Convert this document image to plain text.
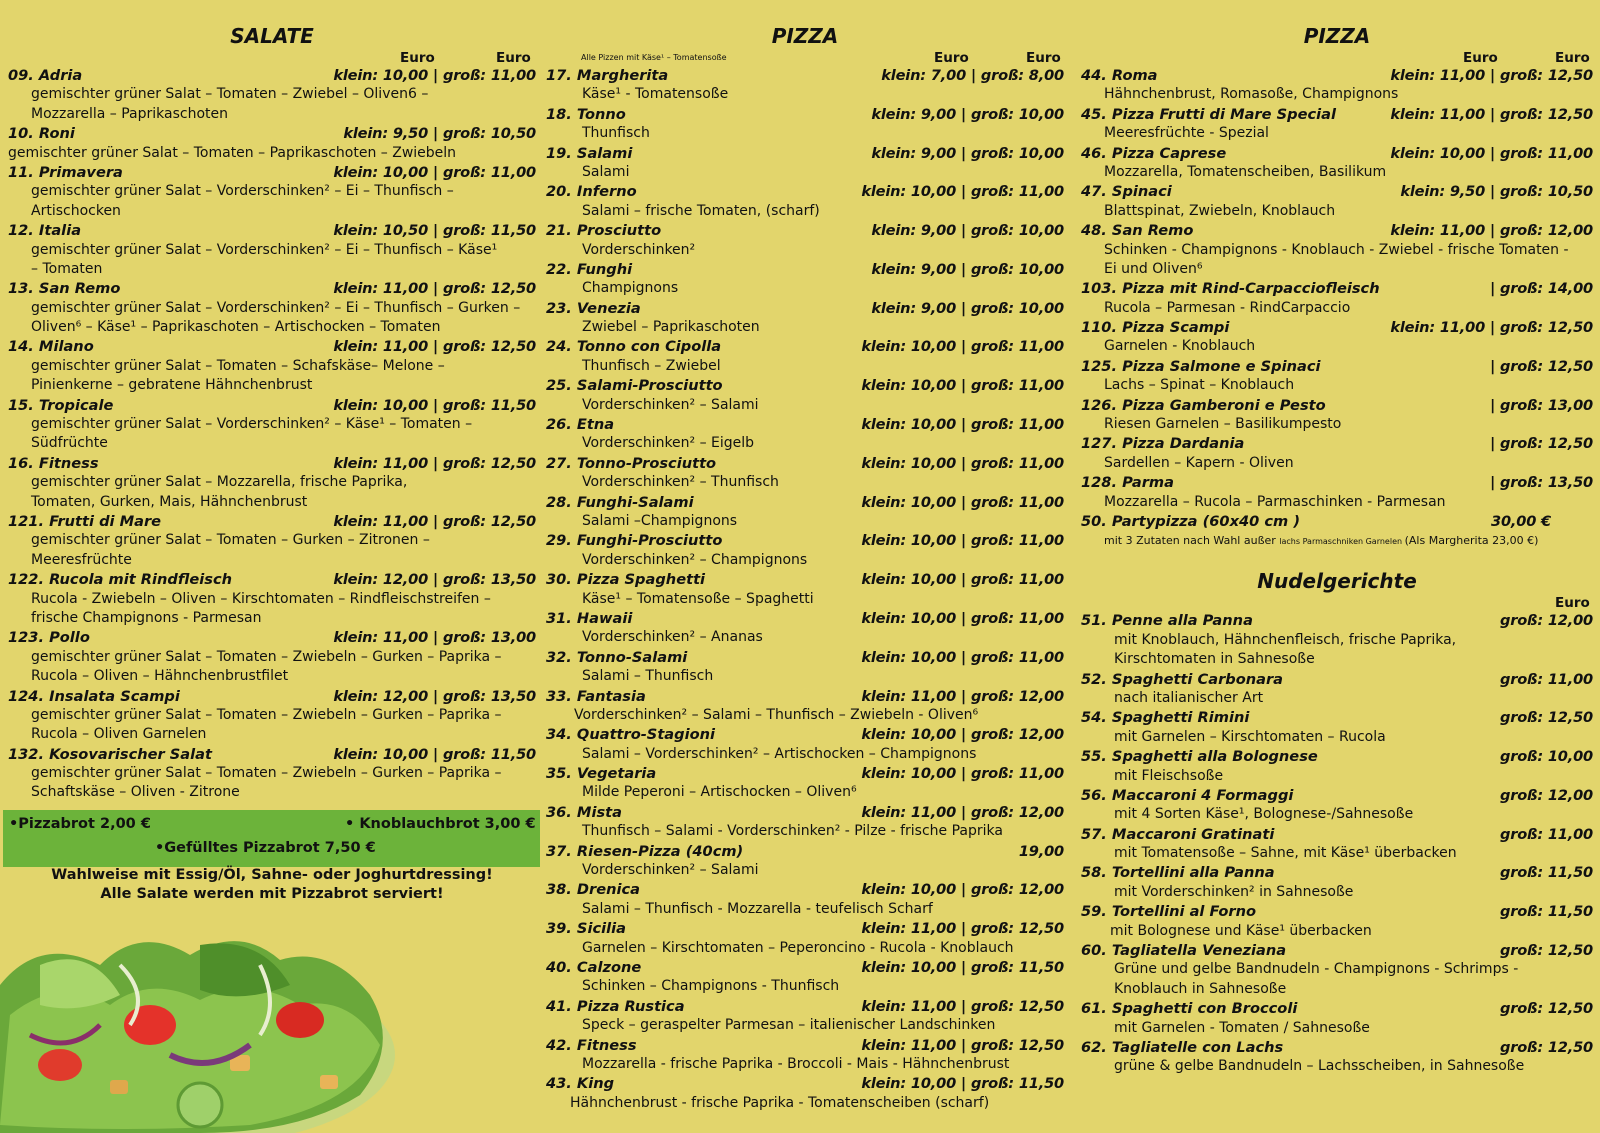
SALATE
Euro	Euro
09. Adria	klein: 10,00 | groß: 11,00
gemischter grüner Salat – Tomaten – Zwiebel – Oliven6 –
Mozzarella – Paprikaschoten
10. Roni	klein: 9,50 | groß: 10,50
gemischter grüner Salat – Tomaten – Paprikaschoten – Zwiebeln
11. Primavera	klein: 10,00 | groß: 11,00
gemischter grüner Salat – Vorderschinken² – Ei – Thunfisch –
Artischocken
12. Italia	klein: 10,50 | groß: 11,50
gemischter grüner Salat – Vorderschinken² – Ei – Thunfisch – Käse¹
– Tomaten
13. San Remo	klein: 11,00 | groß: 12,50
gemischter grüner Salat – Vorderschinken² – Ei – Thunfisch – Gurken –
Oliven⁶ – Käse¹ – Paprikaschoten – Artischocken – Tomaten
14. Milano	klein: 11,00 | groß: 12,50
gemischter grüner Salat – Tomaten – Schafskäse– Melone –
Pinienkerne – gebratene Hähnchenbrust
15. Tropicale	klein: 10,00 | groß: 11,50
gemischter grüner Salat – Vorderschinken² – Käse¹ – Tomaten –
Südfrüchte
16. Fitness	klein: 11,00 | groß: 12,50
gemischter grüner Salat – Mozzarella, frische Paprika,
Tomaten, Gurken, Mais, Hähnchenbrust
121. Frutti di Mare	klein: 11,00 | groß: 12,50
gemischter grüner Salat – Tomaten – Gurken – Zitronen –
Meeresfrüchte
122. Rucola mit Rindfleisch	klein: 12,00 | groß: 13,50
Rucola - Zwiebeln – Oliven – Kirschtomaten – Rindfleischstreifen –
frische Champignons - Parmesan
123. Pollo	klein: 11,00 | groß: 13,00
gemischter grüner Salat – Tomaten – Zwiebeln – Gurken – Paprika –
Rucola – Oliven – Hähnchenbrustfilet
124. Insalata Scampi	klein: 12,00 | groß: 13,50
gemischter grüner Salat – Tomaten – Zwiebeln – Gurken – Paprika –
Rucola – Oliven Garnelen
132. Kosovarischer Salat	klein: 10,00 | groß: 11,50
gemischter grüner Salat – Tomaten – Zwiebeln – Gurken – Paprika –
Schaftskäse – Oliven - Zitrone
•Pizzabrot 2,00 €	• Knoblauchbrot 3,00 €
•Gefülltes Pizzabrot 7,50 €
Wahlweise mit Essig/Öl, Sahne- oder Joghurtdressing!
Alle Salate werden mit Pizzabrot serviert!
PIZZA
Alle Pizzen mit Käse¹ – Tomatensoße	Euro	Euro
17. Margherita	klein: 7,00 | groß: 8,00
Käse¹ - Tomatensoße
18. Tonno	klein: 9,00 | groß: 10,00
Thunfisch
19. Salami	klein: 9,00 | groß: 10,00
Salami
20. Inferno	klein: 10,00 | groß: 11,00
Salami – frische Tomaten, (scharf)
21. Prosciutto	klein: 9,00 | groß: 10,00
Vorderschinken²
22. Funghi	klein: 9,00 | groß: 10,00
Champignons
23. Venezia	klein: 9,00 | groß: 10,00
Zwiebel – Paprikaschoten
24. Tonno con Cipolla	klein: 10,00 | groß: 11,00
Thunfisch – Zwiebel
25. Salami-Prosciutto	klein: 10,00 | groß: 11,00
Vorderschinken² – Salami
26. Etna	klein: 10,00 | groß: 11,00
Vorderschinken² – Eigelb
27. Tonno-Prosciutto	klein: 10,00 | groß: 11,00
Vorderschinken² – Thunfisch
28. Funghi-Salami	klein: 10,00 | groß: 11,00
Salami –Champignons
29. Funghi-Prosciutto	klein: 10,00 | groß: 11,00
Vorderschinken² – Champignons
30. Pizza Spaghetti	klein: 10,00 | groß: 11,00
Käse¹ – Tomatensoße – Spaghetti
31. Hawaii	klein: 10,00 | groß: 11,00
Vorderschinken² – Ananas
32. Tonno-Salami	klein: 10,00 | groß: 11,00
Salami – Thunfisch
33. Fantasia	klein: 11,00 | groß: 12,00
Vorderschinken² – Salami – Thunfisch – Zwiebeln - Oliven⁶
34. Quattro-Stagioni	klein: 10,00 | groß: 12,00
Salami – Vorderschinken² – Artischocken – Champignons
35. Vegetaria	klein: 10,00 | groß: 11,00
Milde Peperoni – Artischocken – Oliven⁶
36. Mista	klein: 11,00 | groß: 12,00
Thunfisch – Salami - Vorderschinken² - Pilze - frische Paprika
37. Riesen-Pizza (40cm)	19,00
Vorderschinken² – Salami
38. Drenica	klein: 10,00 | groß: 12,00
Salami – Thunfisch - Mozzarella - teufelisch Scharf
39. Sicilia	klein: 11,00 | groß: 12,50
Garnelen – Kirschtomaten – Peperoncino - Rucola - Knoblauch
40. Calzone	klein: 10,00 | groß: 11,50
Schinken – Champignons - Thunfisch
41. Pizza Rustica	klein: 11,00 | groß: 12,50
Speck – geraspelter Parmesan – italienischer Landschinken
42. Fitness	klein: 11,00 | groß: 12,50
Mozzarella - frische Paprika - Broccoli - Mais - Hähnchenbrust
43. King	klein: 10,00 | groß: 11,50
Hähnchenbrust - frische Paprika - Tomatenscheiben (scharf)
PIZZA
Euro	Euro
44. Roma	klein: 11,00 | groß: 12,50
Hähnchenbrust, Romasoße, Champignons
45. Pizza Frutti di Mare Special	klein: 11,00 | groß: 12,50
Meeresfrüchte - Spezial
46. Pizza Caprese	klein: 10,00 | groß: 11,00
Mozzarella, Tomatenscheiben, Basilikum
47. Spinaci	klein: 9,50 | groß: 10,50
Blattspinat, Zwiebeln, Knoblauch
48. San Remo	klein: 11,00 | groß: 12,00
Schinken - Champignons - Knoblauch - Zwiebel - frische Tomaten -
Ei und Oliven⁶
103. Pizza mit Rind-Carpacciofleisch	| groß: 14,00
Rucola – Parmesan - RindCarpaccio
110. Pizza Scampi	klein: 11,00 | groß: 12,50
Garnelen - Knoblauch
125. Pizza Salmone e Spinaci	| groß: 12,50
Lachs – Spinat – Knoblauch
126. Pizza Gamberoni e Pesto	| groß: 13,00
Riesen Garnelen – Basilikumpesto
127. Pizza Dardania	| groß: 12,50
Sardellen – Kapern - Oliven
128. Parma	| groß: 13,50
Mozzarella – Rucola – Parmaschinken - Parmesan
50. Partypizza (60x40 cm )	30,00 €
mit 3 Zutaten nach Wahl außer lachs Parmaschniken Garnelen (Als Margherita 23,00 €)
Nudelgerichte
Euro
51. Penne alla Panna	groß: 12,00
mit Knoblauch, Hähnchenfleisch, frische Paprika,
Kirschtomaten in Sahnesoße
52. Spaghetti Carbonara	groß: 11,00
nach italianischer Art
54. Spaghetti Rimini	groß: 12,50
mit Garnelen – Kirschtomaten – Rucola
55. Spaghetti alla Bolognese	groß: 10,00
mit Fleischsoße
56. Maccaroni 4 Formaggi	groß: 12,00
mit 4 Sorten Käse¹, Bolognese-/Sahnesoße
57. Maccaroni Gratinati	groß: 11,00
mit Tomatensoße – Sahne, mit Käse¹ überbacken
58. Tortellini alla Panna	groß: 11,50
mit Vorderschinken² in Sahnesoße
59. Tortellini al Forno	groß: 11,50
mit Bolognese und Käse¹ überbacken
60. Tagliatella Veneziana	groß: 12,50
Grüne und gelbe Bandnudeln - Champignons - Schrimps -
Knoblauch in Sahnesoße
61. Spaghetti con Broccoli	groß: 12,50
mit Garnelen - Tomaten / Sahnesoße
62. Tagliatelle con Lachs	groß: 12,50
grüne & gelbe Bandnudeln – Lachsscheiben, in Sahnesoße
